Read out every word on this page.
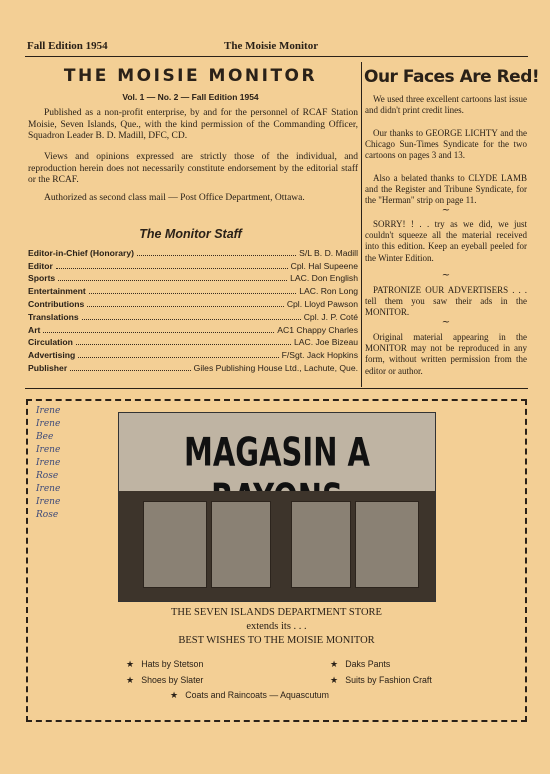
Fall Edition 1954	The Moisie Monitor
THE MOISIE MONITOR
Vol. 1 — No. 2 — Fall Edition 1954
Published as a non-profit enterprise, by and for the personnel of RCAF Station Moisie, Seven Islands, Que., with the kind permission of the Commanding Officer, Squadron Leader B. D. Madill, DFC, CD.
Views and opinions expressed are strictly those of the individual, and reproduction herein does not necessarily constitute endorsement by the editorial staff or the RCAF.
Authorized as second class mail — Post Office Department, Ottawa.
The Monitor Staff
Editor-in-Chief (Honorary)	S/L B. D. Madill
Editor	Cpl. Hal Supeene
Sports	LAC. Don English
Entertainment	LAC. Ron Long
Contributions	Cpl. Lloyd Pawson
Translations	Cpl. J. P. Coté
Art	AC1 Chappy Charles
Circulation	LAC. Joe Bizeau
Advertising	F/Sgt. Jack Hopkins
Publisher	Giles Publishing House Ltd., Lachute, Que.
Our Faces Are Red!
We used three excellent cartoons last issue and didn't print credit lines.
Our thanks to GEORGE LICHTY and the Chicago Sun-Times Syndicate for the two cartoons on pages 3 and 13.
Also a belated thanks to CLYDE LAMB and the Register and Tribune Syndicate, for the "Herman" strip on page 11.
~
SORRY! ! . . try as we did, we just couldn't squeeze all the material received into this edition. Keep an eyeball peeled for the Winter Edition.
~
PATRONIZE OUR ADVERTISERS . . . tell them you saw their ads in the MONITOR.
~
Original material appearing in the MONITOR may not be reproduced in any form, without written permission from the editor or author.
Irene
Irene
Bee
Irene
Irene
Rose
Irene
Irene
Rose
MAGASIN A
THE SEVEN ISLANDS DEPARTMENT STORE
extends its . . .
BEST WISHES TO THE MOISIE MONITOR
★ Hats by Stetson	★ Daks Pants
★ Shoes by Slater	★ Suits by Fashion Craft
★ Coats and Raincoats — Aquascutum
